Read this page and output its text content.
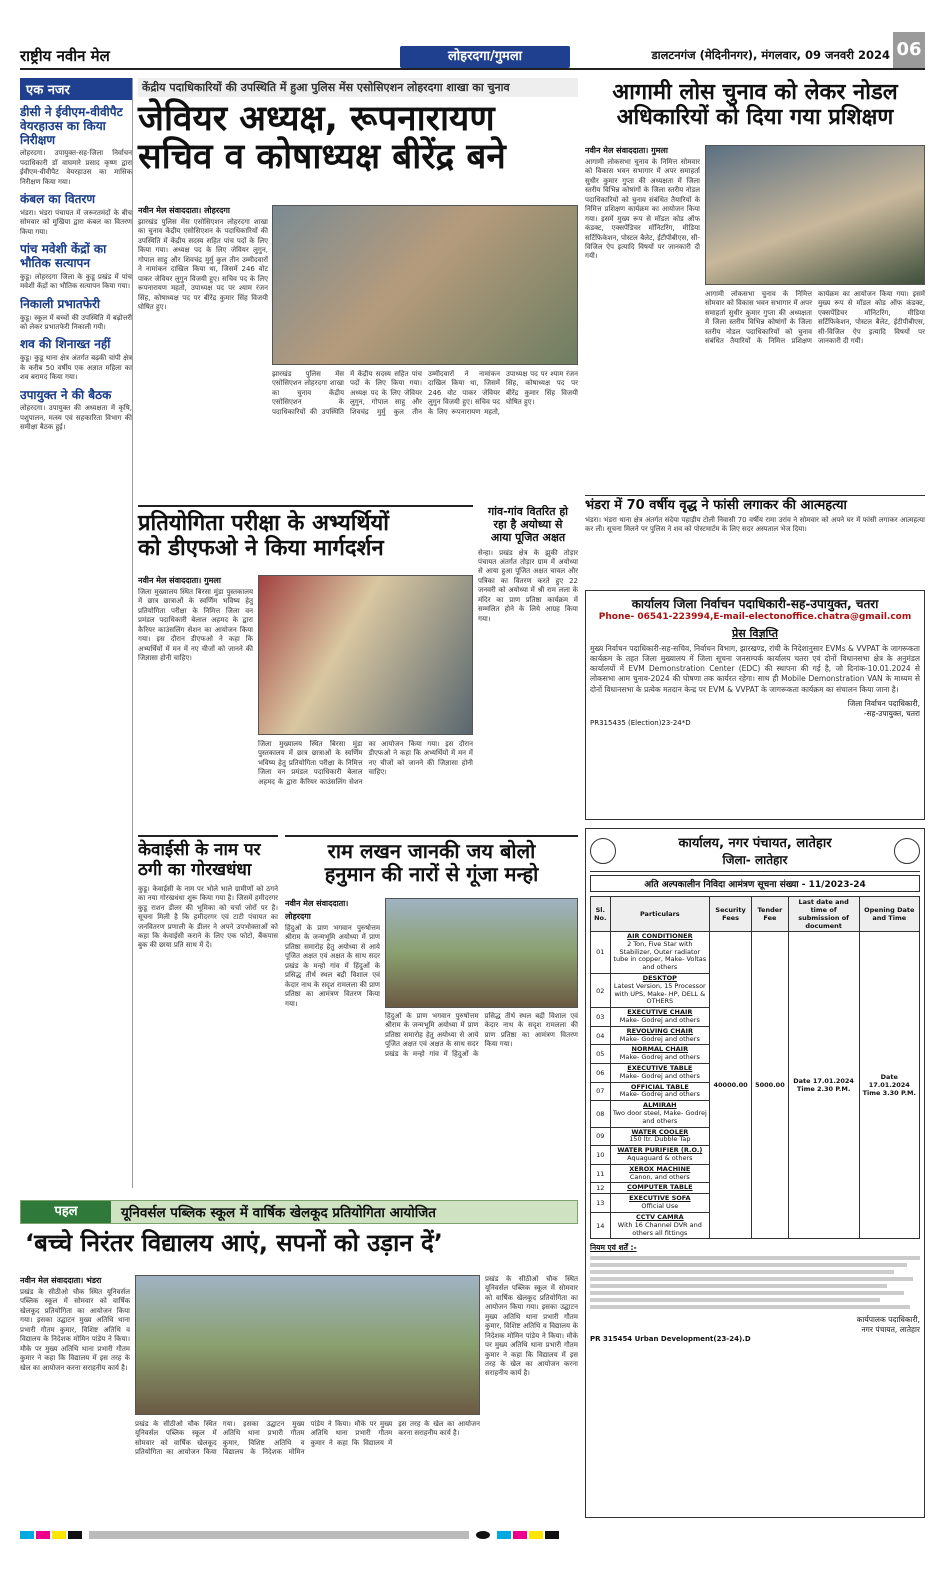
राष्ट्रीय नवीन मेल	लोहरदगा/गुमला	डालटनगंज (मेदिनीनगर), मंगलवार, 09 जनवरी 2024 06
एक नजर
डीसी ने ईवीएम-वीवीपैट वेयरहाउस का किया निरीक्षण

लोहरदगा। उपायुक्त-सह-जिला निर्वाचन पदाधिकारी डॉ वाघमारे प्रसाद कृष्ण द्वारा ईवीएम-वीवीपैट वेयरहाउस का मासिक निरीक्षण किया गया।

कंबल का वितरण

भंडरा। भंडरा पंचायत में जरूरतमंदों के बीच सोमवार को मुखिया द्वारा कंबल का वितरण किया गया।

पांच मवेशी केंद्रों का भौतिक सत्यापन

कुडू। लोहरदगा जिला के कुडू प्रखंड में पांच मवेशी केंद्रों का भौतिक सत्यापन किया गया।

निकाली प्रभातफेरी

कुडू। स्कूल में बच्चों की उपस्थिति में बढ़ोत्तरी को लेकर प्रभातफेरी निकाली गयी।

शव की शिनाख्त नहीं

कुडू। कुडू थाना क्षेत्र अंतर्गत बढ़की चांपी क्षेत्र के करीब 50 वर्षीय एक अज्ञात महिला का शव बरामद किया गया।

उपायुक्त ने की बैठक

लोहरदगा। उपायुक्त की अध्यक्षता में कृषि, पशुपालन, मत्स्य एवं सहकारिता विभाग की समीक्षा बैठक हुई।

केंद्रीय पदाधिकारियों की उपस्थिति में हुआ पुलिस मेंस एसोसिएशन लोहरदगा शाखा का चुनाव
जेवियर अध्यक्ष, रूपनारायण
सचिव व कोषाध्यक्ष बीरेंद्र बने
नवीन मेल संवाददाता। लोहरदगा
झारखंड पुलिस मेंस एसोसिएशन लोहरदगा शाखा का चुनाव केंद्रीय एसोसिएशन के पदाधिकारियों की उपस्थिति में केंद्रीय सदस्य सहित पांच पदों के लिए किया गया। अध्यक्ष पद के लिए जेवियर लुगुन, गोपाल साहु और शिवचंद्र मुर्मु कुल तीन उम्मीदवारों ने नामांकन दाखिल किया था, जिसमें 246 वोट पाकर जेवियर लुगुन विजयी हुए। सचिव पद के लिए रूपनारायण महतो, उपाध्यक्ष पद पर श्याम रंजन सिंह, कोषाध्यक्ष पद पर बीरेंद्र कुमार सिंह विजयी घोषित हुए।
झारखंड पुलिस मेंस एसोसिएशन लोहरदगा शाखा का चुनाव केंद्रीय एसोसिएशन के पदाधिकारियों की उपस्थिति में केंद्रीय सदस्य सहित पांच पदों के लिए किया गया। अध्यक्ष पद के लिए जेवियर लुगुन, गोपाल साहु और शिवचंद्र मुर्मु कुल तीन उम्मीदवारों ने नामांकन दाखिल किया था, जिसमें 246 वोट पाकर जेवियर लुगुन विजयी हुए। सचिव पद के लिए रूपनारायण महतो, उपाध्यक्ष पद पर श्याम रंजन सिंह, कोषाध्यक्ष पद पर बीरेंद्र कुमार सिंह विजयी घोषित हुए।
आगामी लोस चुनाव को लेकर नोडल
अधिकारियों को दिया गया प्रशिक्षण
नवीन मेल संवाददाता। गुमला
आगामी लोकसभा चुनाव के निमित्त सोमवार को विकास भवन सभागार में अपर समाहर्ता सुधीर कुमार गुप्ता की अध्यक्षता में जिला स्तरीय विभिन्न कोषांगों के जिला स्तरीय नोडल पदाधिकारियों को चुनाव संबंधित तैयारियों के निमित्त प्रशिक्षण कार्यक्रम का आयोजन किया गया। इसमें मुख्य रूप से मॉडल कोड ऑफ कंडक्ट, एक्सपेंडिचर मॉनिटरिंग, मीडिया सर्टिफिकेशन, पोस्टल बैलेट, ईटीपीबीएस, सी-विजिल ऐप इत्यादि विषयों पर जानकारी दी गयी।
आगामी लोकसभा चुनाव के निमित्त सोमवार को विकास भवन सभागार में अपर समाहर्ता सुधीर कुमार गुप्ता की अध्यक्षता में जिला स्तरीय विभिन्न कोषांगों के जिला स्तरीय नोडल पदाधिकारियों को चुनाव संबंधित तैयारियों के निमित्त प्रशिक्षण कार्यक्रम का आयोजन किया गया। इसमें मुख्य रूप से मॉडल कोड ऑफ कंडक्ट, एक्सपेंडिचर मॉनिटरिंग, मीडिया सर्टिफिकेशन, पोस्टल बैलेट, ईटीपीबीएस, सी-विजिल ऐप इत्यादि विषयों पर जानकारी दी गयी।
भंडरा में 70 वर्षीय वृद्ध ने फांसी लगाकर की आत्महत्या
भंडरा। भंडरा थाना क्षेत्र अंतर्गत संदेया पहाड़ीय टोली निवासी 70 वर्षीय रामा उरांव ने सोमवार को अपने घर में फांसी लगाकर आत्महत्या कर ली। सूचना मिलने पर पुलिस ने शव को पोस्टमार्टम के लिए सदर अस्पताल भेज दिया।
प्रतियोगिता परीक्षा के अभ्यर्थियों
को डीएफओ ने किया मार्गदर्शन
नवीन मेल संवाददाता। गुमला
जिला मुख्यालय स्थित बिरसा मुंडा पुस्तकालय में छात्र छात्राओं के स्वर्णिम भविष्य हेतु प्रतियोगिता परीक्षा के निमित्त जिला वन प्रमंडल पदाधिकारी बेलाल अहमद के द्वारा कैरियर काउंसलिंग सेशन का आयोजन किया गया। इस दौरान डीएफओ ने कहा कि अभ्यर्थियों में मन में नए चीजों को जानने की जिज्ञासा होनी चाहिए।
जिला मुख्यालय स्थित बिरसा मुंडा पुस्तकालय में छात्र छात्राओं के स्वर्णिम भविष्य हेतु प्रतियोगिता परीक्षा के निमित्त जिला वन प्रमंडल पदाधिकारी बेलाल अहमद के द्वारा कैरियर काउंसलिंग सेशन का आयोजन किया गया। इस दौरान डीएफओ ने कहा कि अभ्यर्थियों में मन में नए चीजों को जानने की जिज्ञासा होनी चाहिए।
गांव-गांव वितरित हो
रहा है अयोध्या से
आया पूजित अक्षत
सेन्हा। प्रखंड क्षेत्र के झुकी तोड़ार पंचायत अंतर्गत तोड़ार ग्राम में अयोध्या से आया हुआ पूजित अक्षत चावल और पत्रिका का वितरण करते हुए 22 जनवरी को अयोध्या में श्री राम लला के मंदिर का प्राण प्रतिष्ठा कार्यक्रम में सम्मलित होने के लिये आग्रह किया गया।
केवाईसी के नाम पर
ठगी का गोरखधंधा
कुडू। केवाईसी के नाम पर भोले भाले ग्रामीणों को ठगने का नया गोरखधंधा शुरू किया गया है। जिसमें हमीदरगर कुडू राशन डीलर की भूमिका को चर्चा जोरों पर है। सूचना मिली है कि हमीदरगर एवं टाटी पंचायत का जनवितरण प्रणाली के डीलर ने अपने उपभोक्ताओं को कहा कि केवाईसी कराने के लिए एक फोटो, बैंकपास बुक की छाया प्रति साथ में दें।
राम लखन जानकी जय बोलो
हनुमान की नारों से गूंजा मन्हो
नवीन मेल संवाददाता।
लोहरदगा
हिंदुओं के प्राण भगवान पुरुषोत्तम श्रीराम के जन्मभूमि अयोध्या में प्राण प्रतिष्ठा समारोह हेतु अयोध्या से आये पूजित अक्षत एवं अक्षत के साथ सदर प्रखंड के मन्हो गांव में हिंदुओं के प्रसिद्ध तीर्थ स्थल बद्री विशाल एवं केदार नाथ के सदृश रामलला की प्राण प्रतिष्ठा का आमंत्रण वितरण किया गया।
हिंदुओं के प्राण भगवान पुरुषोत्तम श्रीराम के जन्मभूमि अयोध्या में प्राण प्रतिष्ठा समारोह हेतु अयोध्या से आये पूजित अक्षत एवं अक्षत के साथ सदर प्रखंड के मन्हो गांव में हिंदुओं के प्रसिद्ध तीर्थ स्थल बद्री विशाल एवं केदार नाथ के सदृश रामलला की प्राण प्रतिष्ठा का आमंत्रण वितरण किया गया।
कार्यालय जिला निर्वाचन पदाधिकारी-सह-उपायुक्त, चतरा
Phone- 06541-223994,E-mail-electonoffice.chatra@gmail.com
प्रेस विज्ञप्ति
मुख्य निर्वाचन पदाधिकारी-सह-सचिव, निर्वाचन विभाग, झारखण्ड, रांची के निदेशानुसार EVMs & VVPAT के जागरूकता कार्यक्रम के तहत जिला मुख्यालय में जिला सूचना जनसम्पर्क कार्यालय चतरा एवं दोनों विधानसभा क्षेत्र के अनुमंडल कार्यालयों में EVM Demonstration Center (EDC) की स्थापना की गई है, जो दिनांक-10.01.2024 से लोकसभा आम चुनाव-2024 की घोषणा तक कार्यरत रहेगा। साथ ही Mobile Demonstration VAN के माध्यम से दोनों विधानसभा के प्रत्येक मतदान केन्द्र पर EVM & VVPAT के जागरूकता कार्यक्रम का संचालन किया जाना है।
जिला निर्वाचन पदाधिकारी,
-सह-उपायुक्त, चतरा
PR315435 (Election)23-24*D
कार्यालय, नगर पंचायत, लातेहार
जिला- लातेहार
अति अल्पकालीन निविदा आमंत्रण सूचना संख्या - 11/2023-24
Sl. No.	Particulars	Security Fees	Tender Fee	Last date and time of submission of document	Opening Date and Time
01	AIR CONDITIONER
2 Ton, Five Star with Stabilizer, Outer radiator tube in copper, Make- Voltas and others	40000.00	5000.00	Date 17.01.2024 Time 2.30 P.M.	Date 17.01.2024 Time 3.30 P.M.
02	DESKTOP
Latest Version, 15 Processor with UPS, Make- HP, DELL & OTHERS				

03	EXECUTIVE CHAIR
Make- Godrej and others				

04	REVOLVING CHAIR
Make- Godrej and others				

05	NORMAL CHAIR
Make- Godrej and others				

06	EXECUTIVE TABLE
Make- Godrej and others				

07	OFFICIAL TABLE
Make- Godrej and others				

08	ALMIRAH
Two door steel, Make- Godrej and others				

09	WATER COOLER
150 ltr. Dubble Tap				

10	WATER PURIFIER (R.O.)
Aquaguard & others				

11	XEROX MACHINE
Canon, and others				

12	COMPUTER TABLE				

13	EXECUTIVE SOFA
Official Use				

14	CCTV CAMRA
With 16 Channel DVR and others all fittings				
नियम एवं शर्तें :-
कार्यपालक पदाधिकारी,
नगर पंचायत, लातेहार
PR 315454 Urban Development(23-24).D
पहल	यूनिवर्सल पब्लिक स्कूल में वार्षिक खेलकूद प्रतियोगिता आयोजित
‘बच्चे निरंतर विद्यालय आएं, सपनों को उड़ान दें’
नवीन मेल संवाददाता। भंडरा
प्रखंड के सीठीओ चौक स्थित यूनिवर्सल पब्लिक स्कूल में सोमवार को वार्षिक खेलकूद प्रतियोगिता का आयोजन किया गया। इसका उद्घाटन मुख्य अतिथि थाना प्रभारी गौतम कुमार, विशिष्ट अतिथि व विद्यालय के निदेशक मोमिन पांडेय ने किया। मौके पर मुख्य अतिथि थाना प्रभारी गौतम कुमार ने कहा कि विद्यालय में इस तरह के खेल का आयोजन करना सराहनीय कार्य है।
प्रखंड के सीठीओ चौक स्थित यूनिवर्सल पब्लिक स्कूल में सोमवार को वार्षिक खेलकूद प्रतियोगिता का आयोजन किया गया। इसका उद्घाटन मुख्य अतिथि थाना प्रभारी गौतम कुमार, विशिष्ट अतिथि व विद्यालय के निदेशक मोमिन पांडेय ने किया। मौके पर मुख्य अतिथि थाना प्रभारी गौतम कुमार ने कहा कि विद्यालय में इस तरह के खेल का आयोजन करना सराहनीय कार्य है।
प्रखंड के सीठीओ चौक स्थित यूनिवर्सल पब्लिक स्कूल में सोमवार को वार्षिक खेलकूद प्रतियोगिता का आयोजन किया गया। इसका उद्घाटन मुख्य अतिथि थाना प्रभारी गौतम कुमार, विशिष्ट अतिथि व विद्यालय के निदेशक मोमिन पांडेय ने किया। मौके पर मुख्य अतिथि थाना प्रभारी गौतम कुमार ने कहा कि विद्यालय में इस तरह के खेल का आयोजन करना सराहनीय कार्य है।
